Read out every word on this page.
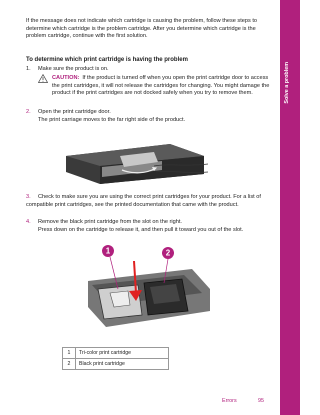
If the message does not indicate which cartridge is causing the problem, follow these steps to determine which cartridge is the problem cartridge. After you determine which cartridge is the problem cartridge, continue with the first solution.
To determine which print cartridge is having the problem
1. Make sure the product is on.
CAUTION: If the product is turned off when you open the print cartridge door to access the print cartridges, it will not release the cartridges for changing. You might damage the product if the print cartridges are not docked safely when you try to remove them.
2. Open the print cartridge door.
The print carriage moves to the far right side of the product.
3. Check to make sure you are using the correct print cartridges for your product. For a list of compatible print cartridges, see the printed documentation that came with the product.
4. Remove the black print cartridge from the slot on the right.
Press down on the cartridge to release it, and then pull it toward you out of the slot.
1	2
1	Tri-color print cartridge
2	Black print cartridge
Solve a problem
Errors	95
